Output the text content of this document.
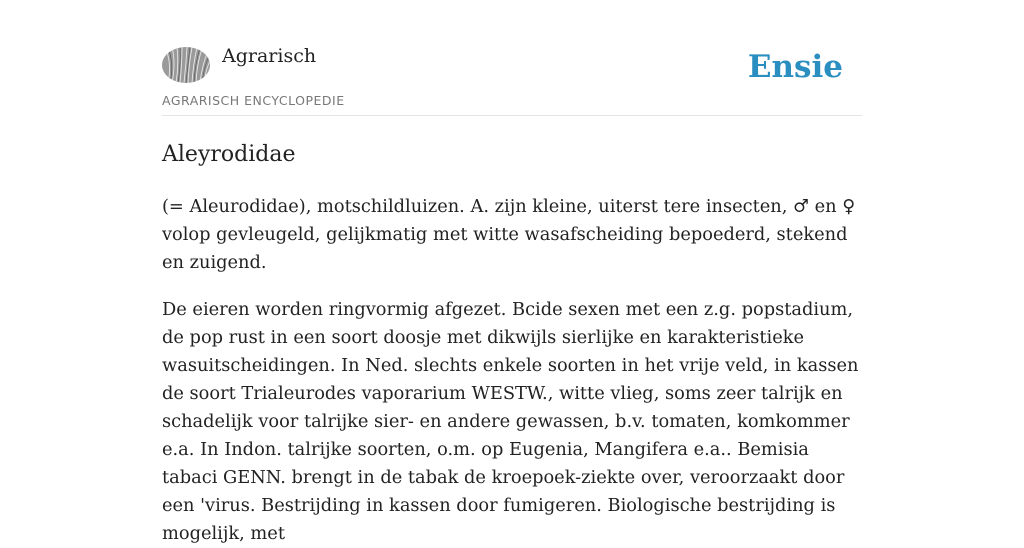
Agrarisch
AGRARISCH ENCYCLOPEDIE
Ensie
Aleyrodidae

(= Aleurodidae), motschildluizen. A. zijn kleine, uiterst tere insecten, ♂ en ♀ volop gevleugeld, gelijkmatig met witte wasafscheiding bepoederd, stekend en zuigend.

De eieren worden ringvormig afgezet. Bcide sexen met een z.g. popstadium, de pop rust in een soort doosje met dikwijls sierlijke en karakteristieke wasuitscheidingen. In Ned. slechts enkele soorten in het vrije veld, in kassen de soort Trialeurodes vaporarium WESTW., witte vlieg, soms zeer talrijk en schadelijk voor talrijke sier- en andere gewassen, b.v. tomaten, komkommer e.a. In Indon. talrijke soorten, o.m. op Eugenia, Mangifera e.a.. Bemisia tabaci GENN. brengt in de tabak de kroepoek-ziekte over, veroorzaakt door een 'virus. Bestrijding in kassen door fumigeren. Biologische bestrijding is mogelijk, met
